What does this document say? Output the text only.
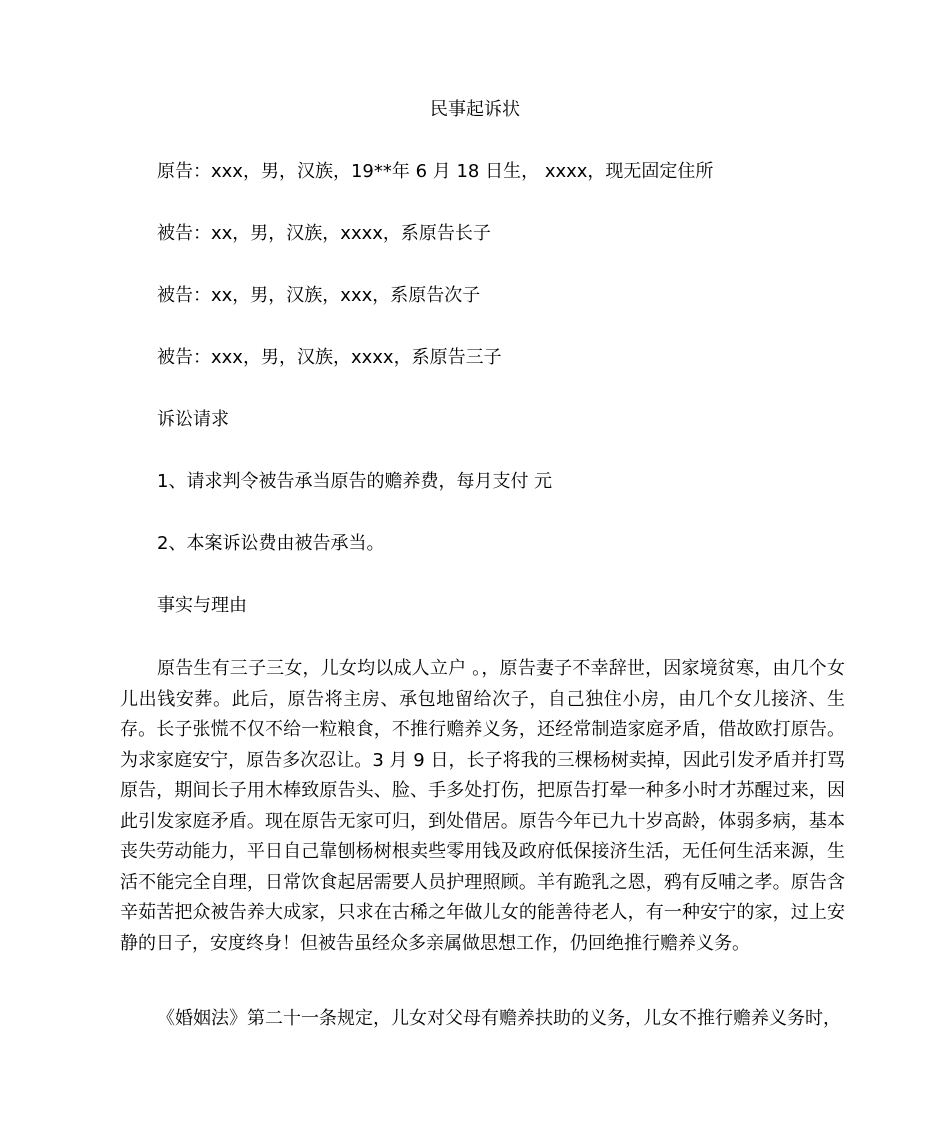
民事起诉状
原告：xxx，男，汉族，19**年 6 月 18 日生， xxxx，现无固定住所
被告：xx，男，汉族，xxxx，系原告长子
被告：xx，男，汉族，xxx，系原告次子
被告：xxx，男，汉族，xxxx，系原告三子
诉讼请求
1、请求判令被告承当原告的赡养费，每月支付 元
2、本案诉讼费由被告承当。
事实与理由
原告生有三子三女，儿女均以成人立户 。，原告妻子不幸辞世，因家境贫寒，由几个女儿出钱安葬。此后，原告将主房、承包地留给次子，自己独住小房，由几个女儿接济、生存。长子张慌不仅不给一粒粮食，不推行赡养义务，还经常制造家庭矛盾，借故欧打原告。为求家庭安宁，原告多次忍让。3 月 9 日，长子将我的三棵杨树卖掉，因此引发矛盾并打骂原告，期间长子用木棒致原告头、脸、手多处打伤，把原告打晕一种多小时才苏醒过来，因此引发家庭矛盾。现在原告无家可归，到处借居。原告今年已九十岁高龄，体弱多病，基本丧失劳动能力，平日自己靠刨杨树根卖些零用钱及政府低保接济生活，无任何生活来源，生活不能完全自理，日常饮食起居需要人员护理照顾。羊有跪乳之恩，鸦有反哺之孝。原告含辛茹苦把众被告养大成家，只求在古稀之年做儿女的能善待老人，有一种安宁的家，过上安静的日子，安度终身！但被告虽经众多亲属做思想工作，仍回绝推行赡养义务。
《婚姻法》第二十一条规定，儿女对父母有赡养扶助的义务，儿女不推行赡养义务时，
